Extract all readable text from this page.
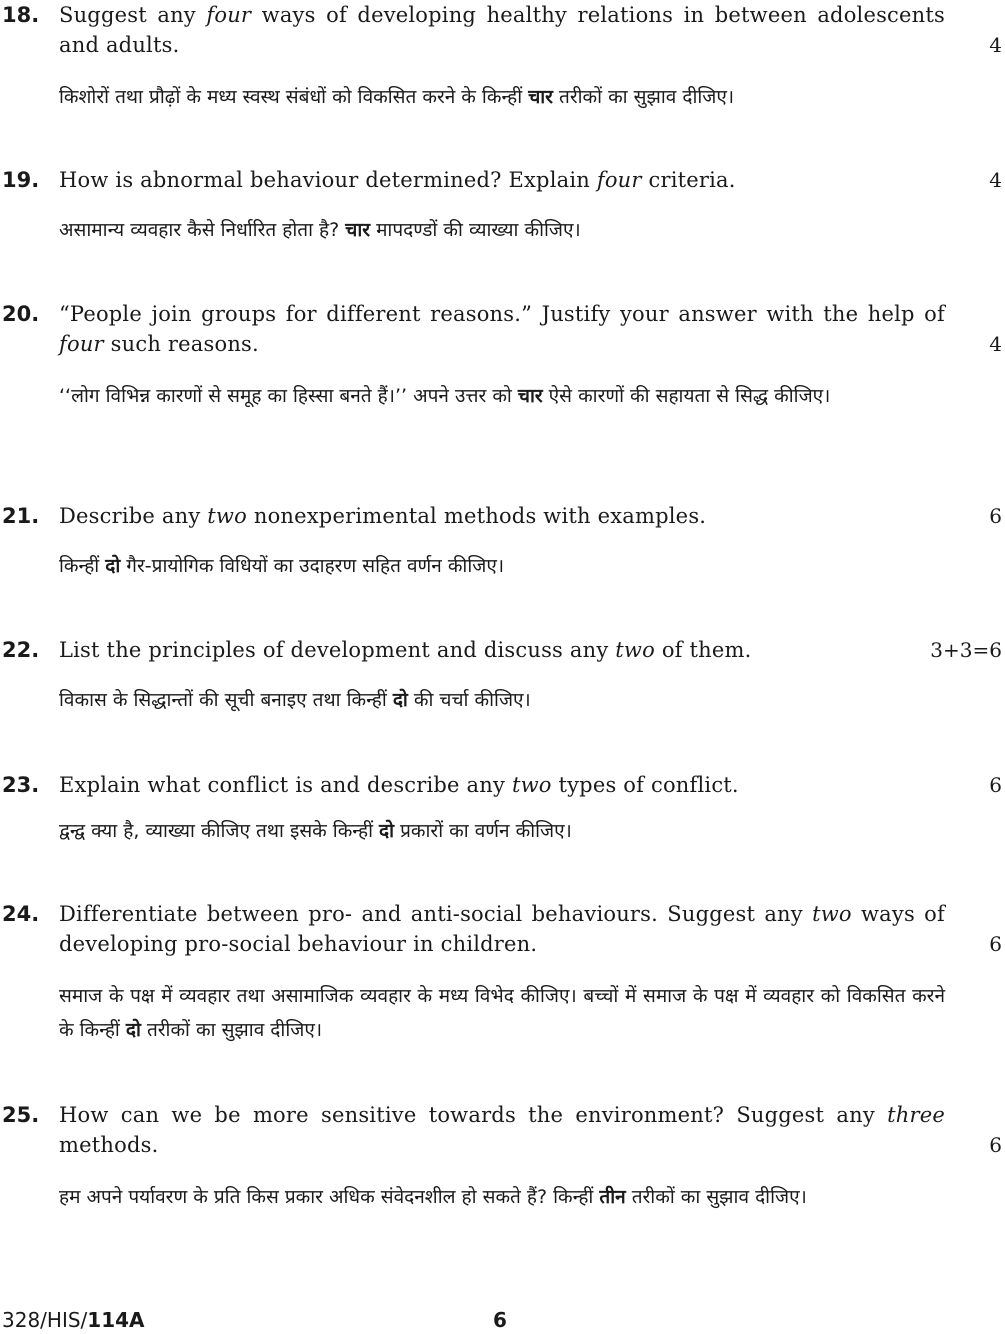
18. Suggest any four ways of developing healthy relations in between adolescents and adults.	4
किशोरों तथा प्रौढ़ों के मध्य स्वस्थ संबंधों को विकसित करने के किन्हीं चार तरीकों का सुझाव दीजिए।
19. How is abnormal behaviour determined? Explain four criteria.	4
असामान्य व्यवहार कैसे निर्धारित होता है? चार मापदण्डों की व्याख्या कीजिए।
20. “People join groups for different reasons.” Justify your answer with the help of four such reasons.	4
‘‘लोग विभिन्न कारणों से समूह का हिस्सा बनते हैं।’’ अपने उत्तर को चार ऐसे कारणों की सहायता से सिद्ध कीजिए।
21. Describe any two nonexperimental methods with examples.	6
किन्हीं दो गैर-प्रायोगिक विधियों का उदाहरण सहित वर्णन कीजिए।
22. List the principles of development and discuss any two of them.	3+3=6
विकास के सिद्धान्तों की सूची बनाइए तथा किन्हीं दो की चर्चा कीजिए।
23. Explain what conflict is and describe any two types of conflict.	6
द्वन्द्व क्या है, व्याख्या कीजिए तथा इसके किन्हीं दो प्रकारों का वर्णन कीजिए।
24. Differentiate between pro- and anti-social behaviours. Suggest any two ways of developing pro-social behaviour in children.	6
समाज के पक्ष में व्यवहार तथा असामाजिक व्यवहार के मध्य विभेद कीजिए। बच्चों में समाज के पक्ष में व्यवहार को विकसित करने के किन्हीं दो तरीकों का सुझाव दीजिए।
25. How can we be more sensitive towards the environment? Suggest any three methods.	6
हम अपने पर्यावरण के प्रति किस प्रकार अधिक संवेदनशील हो सकते हैं? किन्हीं तीन तरीकों का सुझाव दीजिए।
328/HIS/114A	6
